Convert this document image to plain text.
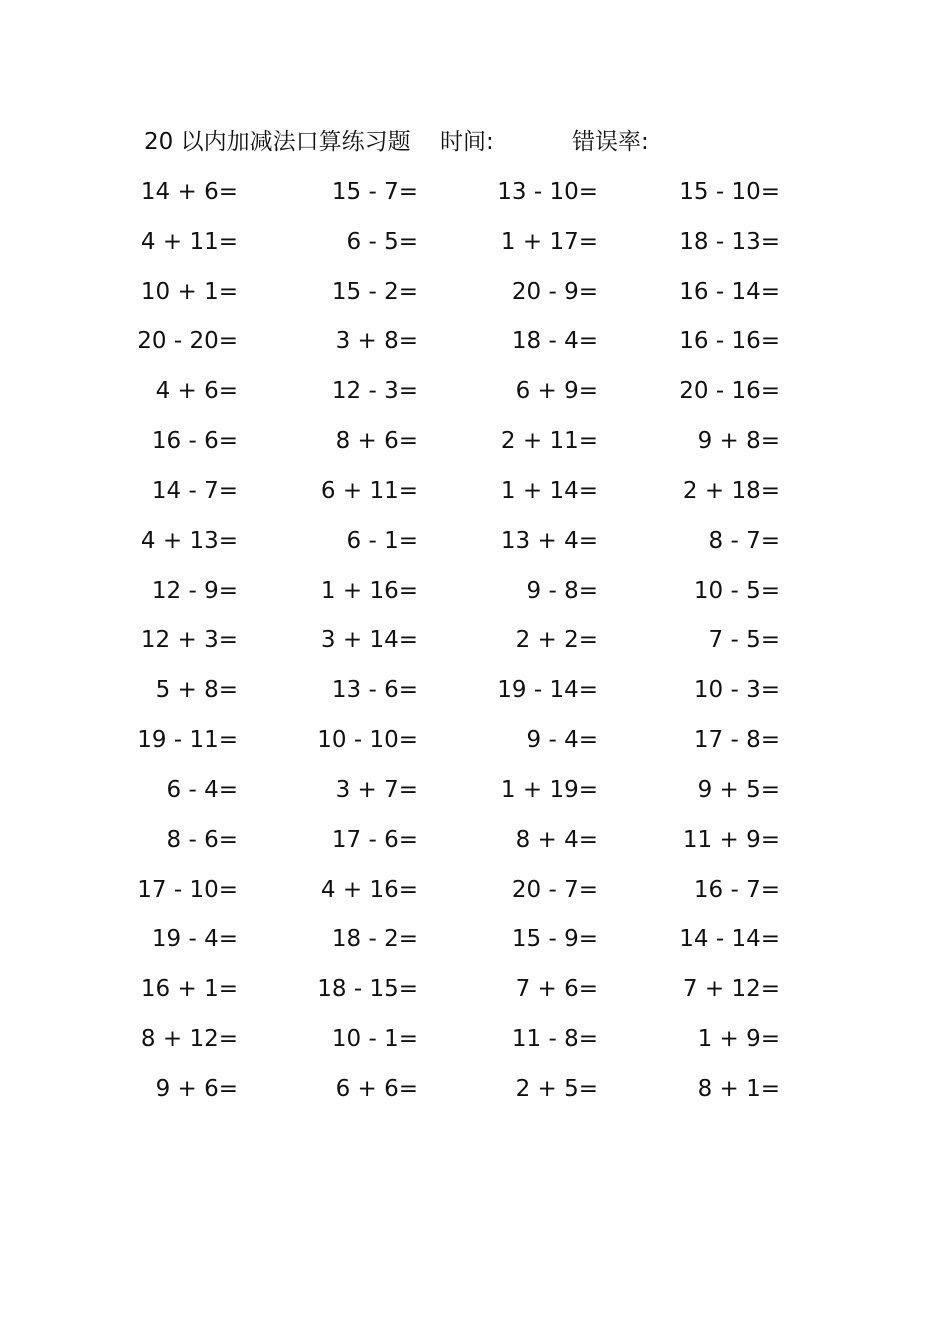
20 以内加减法口算练习题 时间:	错误率:
14 + 6=	15 - 7=	13 - 10=	15 - 10=
4 + 11=	6 - 5=	1 + 17=	18 - 13=
10 + 1=	15 - 2=	20 - 9=	16 - 14=
20 - 20=	3 + 8=	18 - 4=	16 - 16=
4 + 6=	12 - 3=	6 + 9=	20 - 16=
16 - 6=	8 + 6=	2 + 11=	9 + 8=
14 - 7=	6 + 11=	1 + 14=	2 + 18=
4 + 13=	6 - 1=	13 + 4=	8 - 7=
12 - 9=	1 + 16=	9 - 8=	10 - 5=
12 + 3=	3 + 14=	2 + 2=	7 - 5=
5 + 8=	13 - 6=	19 - 14=	10 - 3=
19 - 11=	10 - 10=	9 - 4=	17 - 8=
6 - 4=	3 + 7=	1 + 19=	9 + 5=
8 - 6=	17 - 6=	8 + 4=	11 + 9=
17 - 10=	4 + 16=	20 - 7=	16 - 7=
19 - 4=	18 - 2=	15 - 9=	14 - 14=
16 + 1=	18 - 15=	7 + 6=	7 + 12=
8 + 12=	10 - 1=	11 - 8=	1 + 9=
9 + 6=	6 + 6=	2 + 5=	8 + 1=
